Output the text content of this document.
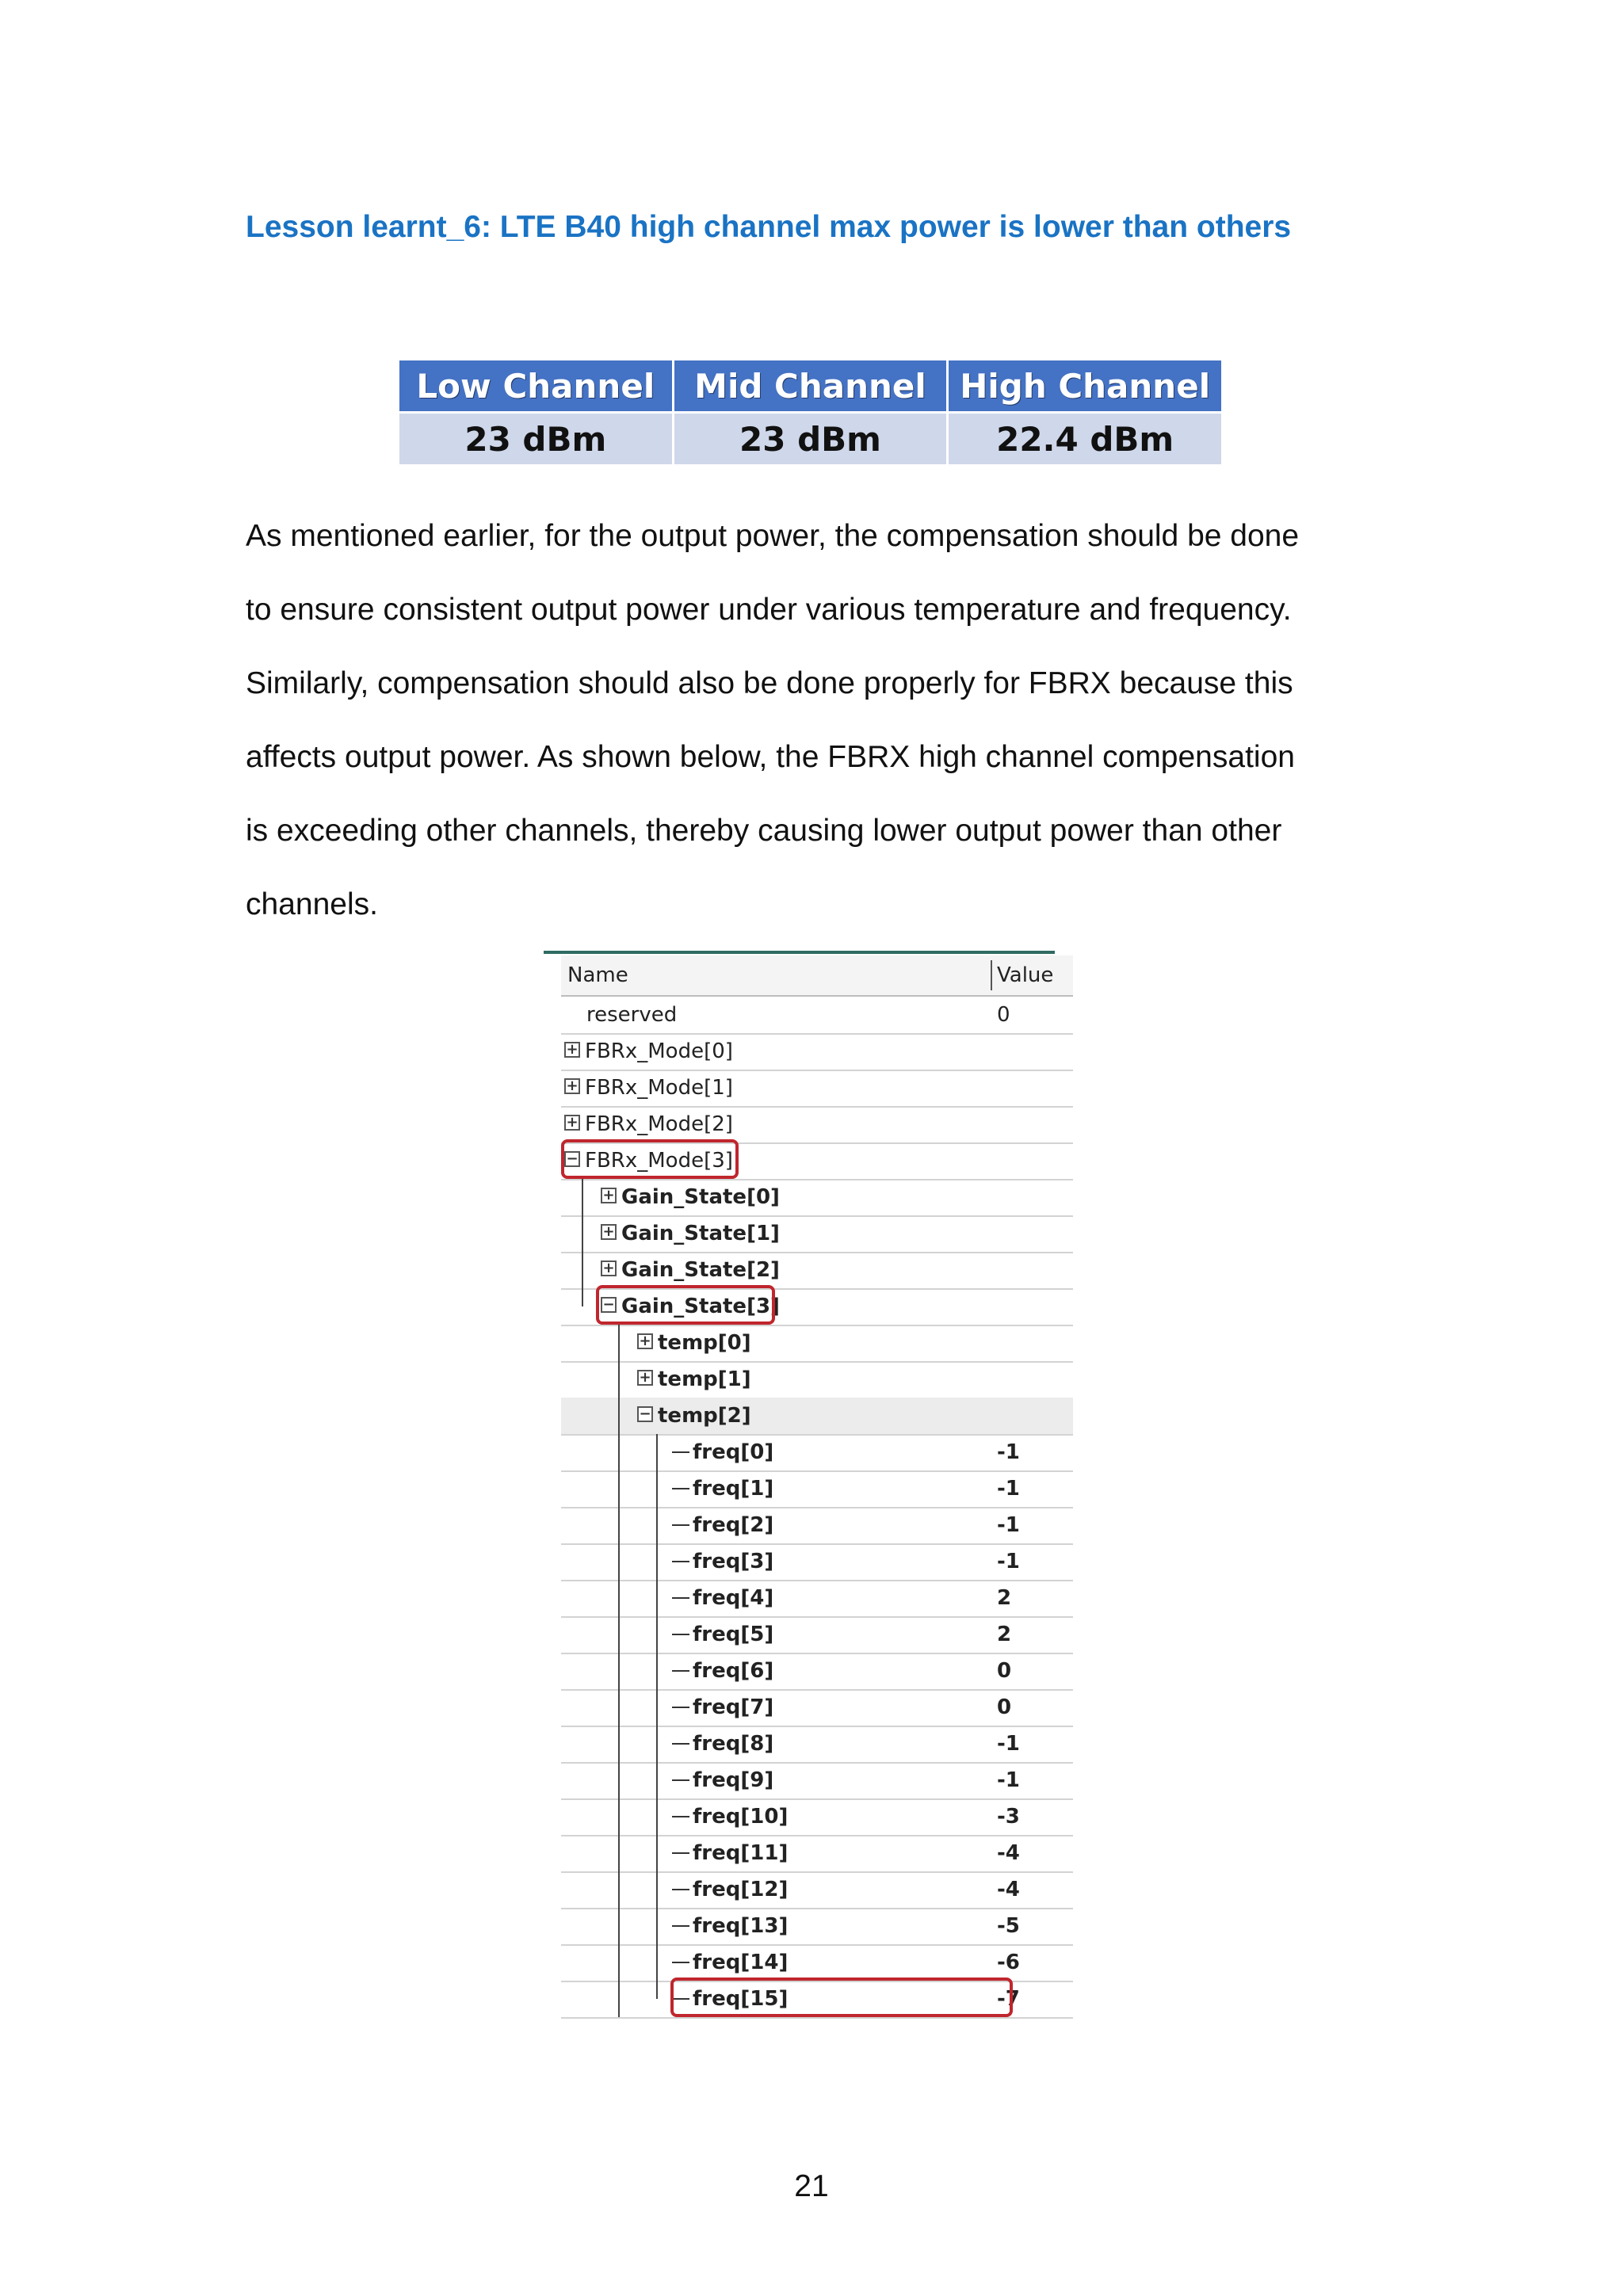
Lesson learnt_6: LTE B40 high channel max power is lower than others
Low Channel	Mid Channel	High Channel
23 dBm	23 dBm	22.4 dBm

As mentioned earlier, for the output power, the compensation should be done
to ensure consistent output power under various temperature and frequency.
Similarly, compensation should also be done properly for FBRX because this
affects output power. As shown below, the FBRX high channel compensation
is exceeding other channels, thereby causing lower output power than other
channels.

Name	Value
reserved	0
+ FBRx_Mode[0]
+ FBRx_Mode[1]
+ FBRx_Mode[2]
− FBRx_Mode[3]
+ Gain_State[0]
+ Gain_State[1]
+ Gain_State[2]
− Gain_State[3]
+ temp[0]
+ temp[1]
− temp[2]
freq[0]	-1
freq[1]	-1
freq[2]	-1
freq[3]	-1
freq[4]	2
freq[5]	2
freq[6]	0
freq[7]	0
freq[8]	-1
freq[9]	-1
freq[10]	-3
freq[11]	-4
freq[12]	-4
freq[13]	-5
freq[14]	-6
freq[15]	-7
21
